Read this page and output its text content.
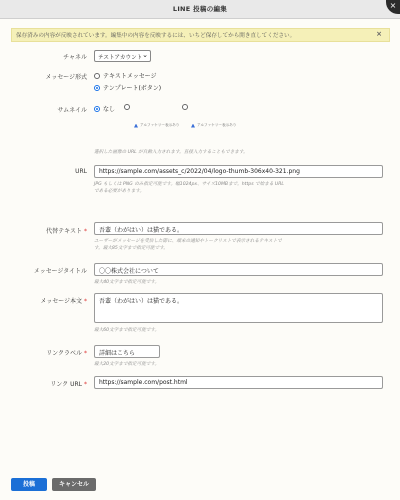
LINE 投稿の編集	×
保存済みの内容が反映されています。編集中の内容を反映するには、いちど保存してから開き直してください。	×
チャネル	テストアカウント ⌄
メッセージ形式	テキストメッセージ
テンプレート(ボタン)
サムネイル	なし
アルファケリー表示あり	アルファケリー表示あり
選択した画像の URL が自動入力されます。直接入力することもできます。
URL	https://sample.com/assets_c/2022/04/logo-thumb-306x40-321.png
JPG もしくは PNG のみ指定可能です。幅1024px、サイズ10MBまで。https で始まる URL
である必要があります。
代替テキスト *	吾輩（わがはい）は猫である。
ユーザーがメッセージを受信した際に、端末の通知やトークリストで表示されるテキストで
す。最大85文字まで指定可能です。
メッセージタイトル	〇〇株式会社について
最大40文字まで指定可能です。
メッセージ本文 *	吾輩（わがはい）は猫である。
最大60文字まで指定可能です。
リンクラベル *	詳細はこちら
最大20文字まで指定可能です。
リンク URL *	https://sample.com/post.html
投稿	キャンセル
